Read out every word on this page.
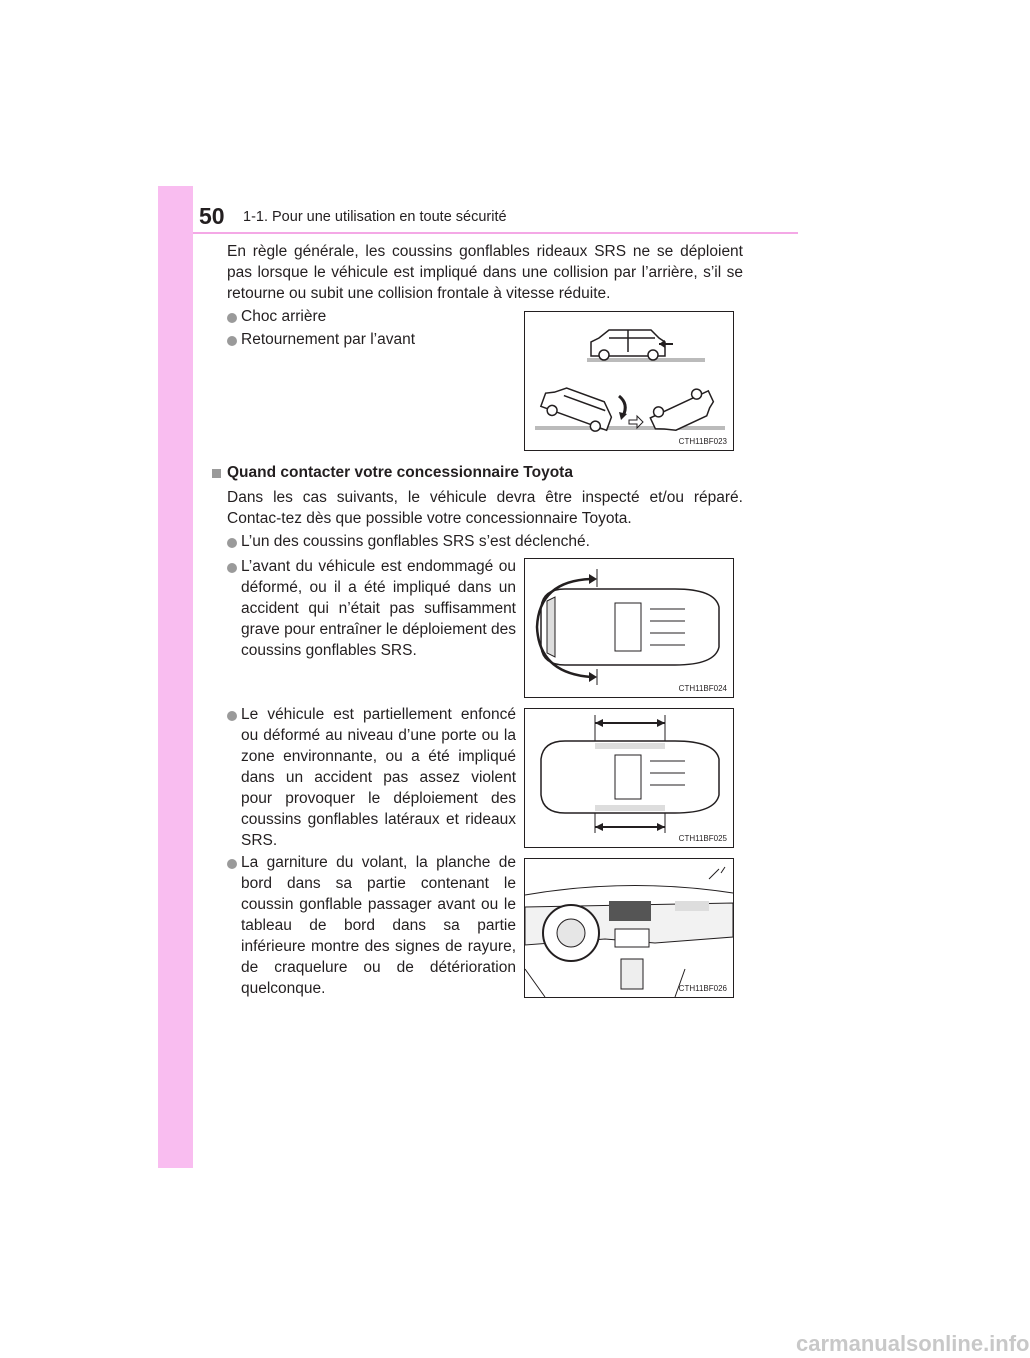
50 1-1. Pour une utilisation en toute sécurité
En règle générale, les coussins gonflables rideaux SRS ne se déploient pas lorsque le véhicule est impliqué dans une collision par l’arrière, s’il se retourne ou subit une collision frontale à vitesse réduite.
Choc arrière
Retournement par l’avant
CTH11BF023
Quand contacter votre concessionnaire Toyota
Dans les cas suivants, le véhicule devra être inspecté et/ou réparé. Contac-tez dès que possible votre concessionnaire Toyota.
L’un des coussins gonflables SRS s’est déclenché.
L’avant du véhicule est endommagé ou déformé, ou il a été impliqué dans un accident qui n’était pas suffisamment grave pour entraîner le déploiement des coussins gonflables SRS.
CTH11BF024
Le véhicule est partiellement enfoncé ou déformé au niveau d’une porte ou la zone environnante, ou a été impliqué dans un accident pas assez violent pour provoquer le déploiement des coussins gonflables latéraux et rideaux SRS.	CTH11BF025
La garniture du volant, la planche de bord dans sa partie contenant le coussin gonflable passager avant ou le tableau de bord dans sa partie inférieure montre des signes de rayure, de craquelure ou de détérioration quelconque.	CTH11BF026
carmanualsonline.info
